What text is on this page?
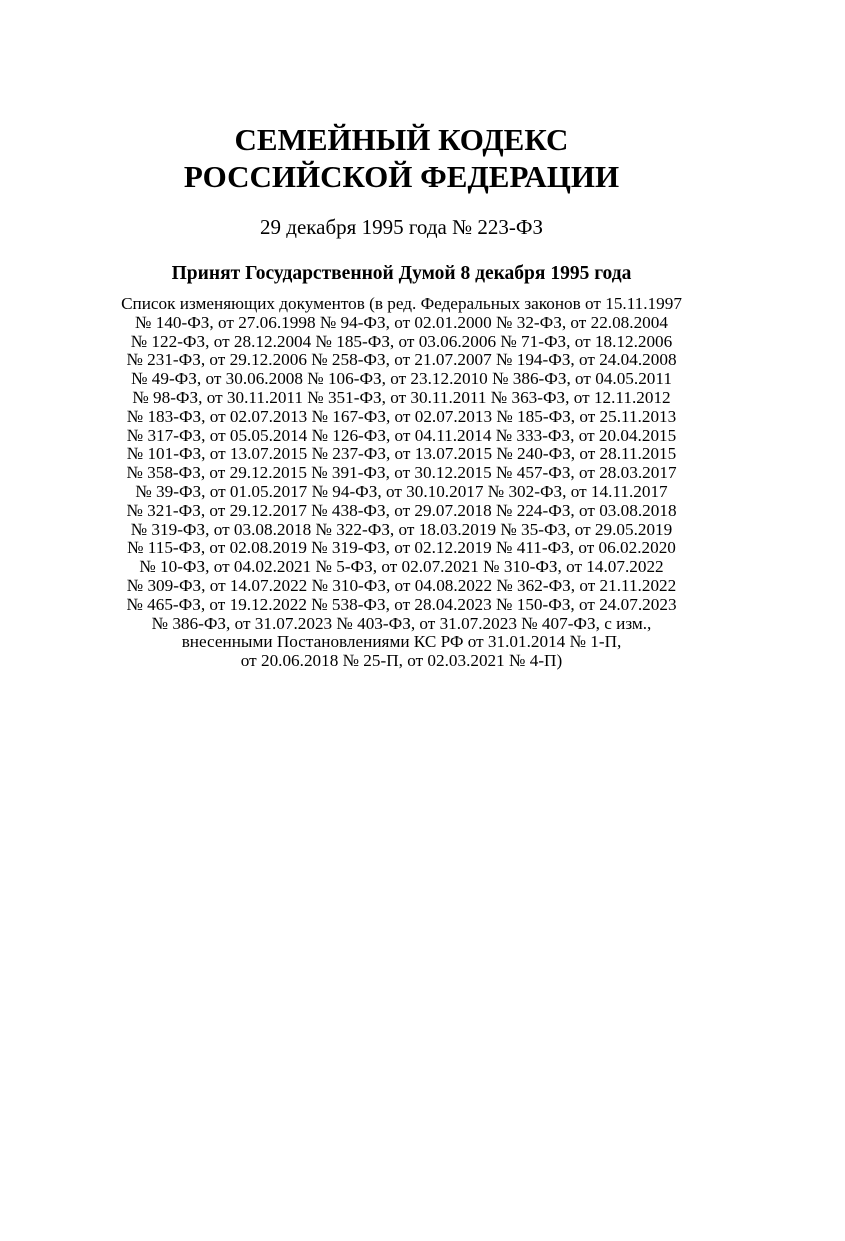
СЕМЕЙНЫЙ КОДЕКС
РОССИЙСКОЙ ФЕДЕРАЦИИ
29 декабря 1995 года № 223-ФЗ
Принят Государственной Думой 8 декабря 1995 года
Список изменяющих документов (в ред. Федеральных законов от 15.11.1997
№ 140-ФЗ, от 27.06.1998 № 94-ФЗ, от 02.01.2000 № 32-ФЗ, от 22.08.2004
№ 122-ФЗ, от 28.12.2004 № 185-ФЗ, от 03.06.2006 № 71-ФЗ, от 18.12.2006
№ 231-ФЗ, от 29.12.2006 № 258-ФЗ, от 21.07.2007 № 194-ФЗ, от 24.04.2008
№ 49-ФЗ, от 30.06.2008 № 106-ФЗ, от 23.12.2010 № 386-ФЗ, от 04.05.2011
№ 98-ФЗ, от 30.11.2011 № 351-ФЗ, от 30.11.2011 № 363-ФЗ, от 12.11.2012
№ 183-ФЗ, от 02.07.2013 № 167-ФЗ, от 02.07.2013 № 185-ФЗ, от 25.11.2013
№ 317-ФЗ, от 05.05.2014 № 126-ФЗ, от 04.11.2014 № 333-ФЗ, от 20.04.2015
№ 101-ФЗ, от 13.07.2015 № 237-ФЗ, от 13.07.2015 № 240-ФЗ, от 28.11.2015
№ 358-ФЗ, от 29.12.2015 № 391-ФЗ, от 30.12.2015 № 457-ФЗ, от 28.03.2017
№ 39-ФЗ, от 01.05.2017 № 94-ФЗ, от 30.10.2017 № 302-ФЗ, от 14.11.2017
№ 321-ФЗ, от 29.12.2017 № 438-ФЗ, от 29.07.2018 № 224-ФЗ, от 03.08.2018
№ 319-ФЗ, от 03.08.2018 № 322-ФЗ, от 18.03.2019 № 35-ФЗ, от 29.05.2019
№ 115-ФЗ, от 02.08.2019 № 319-ФЗ, от 02.12.2019 № 411-ФЗ, от 06.02.2020
№ 10-ФЗ, от 04.02.2021 № 5-ФЗ, от 02.07.2021 № 310-ФЗ, от 14.07.2022
№ 309-ФЗ, от 14.07.2022 № 310-ФЗ, от 04.08.2022 № 362-ФЗ, от 21.11.2022
№ 465-ФЗ, от 19.12.2022 № 538-ФЗ, от 28.04.2023 № 150-ФЗ, от 24.07.2023
№ 386-ФЗ, от 31.07.2023 № 403-ФЗ, от 31.07.2023 № 407-ФЗ, с изм.,
внесенными Постановлениями КС РФ от 31.01.2014 № 1-П,
от 20.06.2018 № 25-П, от 02.03.2021 № 4-П)
